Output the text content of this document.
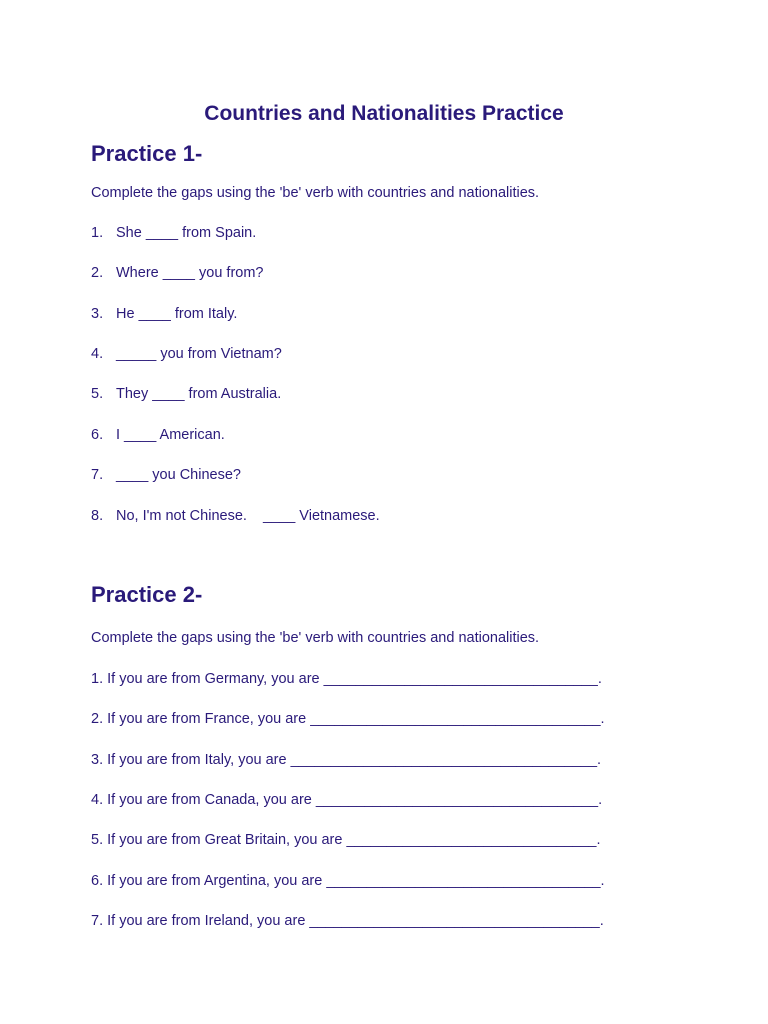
Countries and Nationalities Practice
Practice 1-

Complete the gaps using the 'be' verb with countries and nationalities.

1. She ____ from Spain.

2. Where ____ you from?

3. He ____ from Italy.

4. _____ you from Vietnam?

5. They ____ from Australia.

6. I ____ American.

7. ____ you Chinese?

8. No, I'm not Chinese.    ____ Vietnamese.

Practice 2-

Complete the gaps using the 'be' verb with countries and nationalities.

1. If you are from Germany, you are __________________________________.

2. If you are from France, you are ____________________________________.

3. If you are from Italy, you are ______________________________________.

4. If you are from Canada, you are ___________________________________.

5. If you are from Great Britain, you are _______________________________.

6. If you are from Argentina, you are __________________________________.

7. If you are from Ireland, you are ____________________________________.
